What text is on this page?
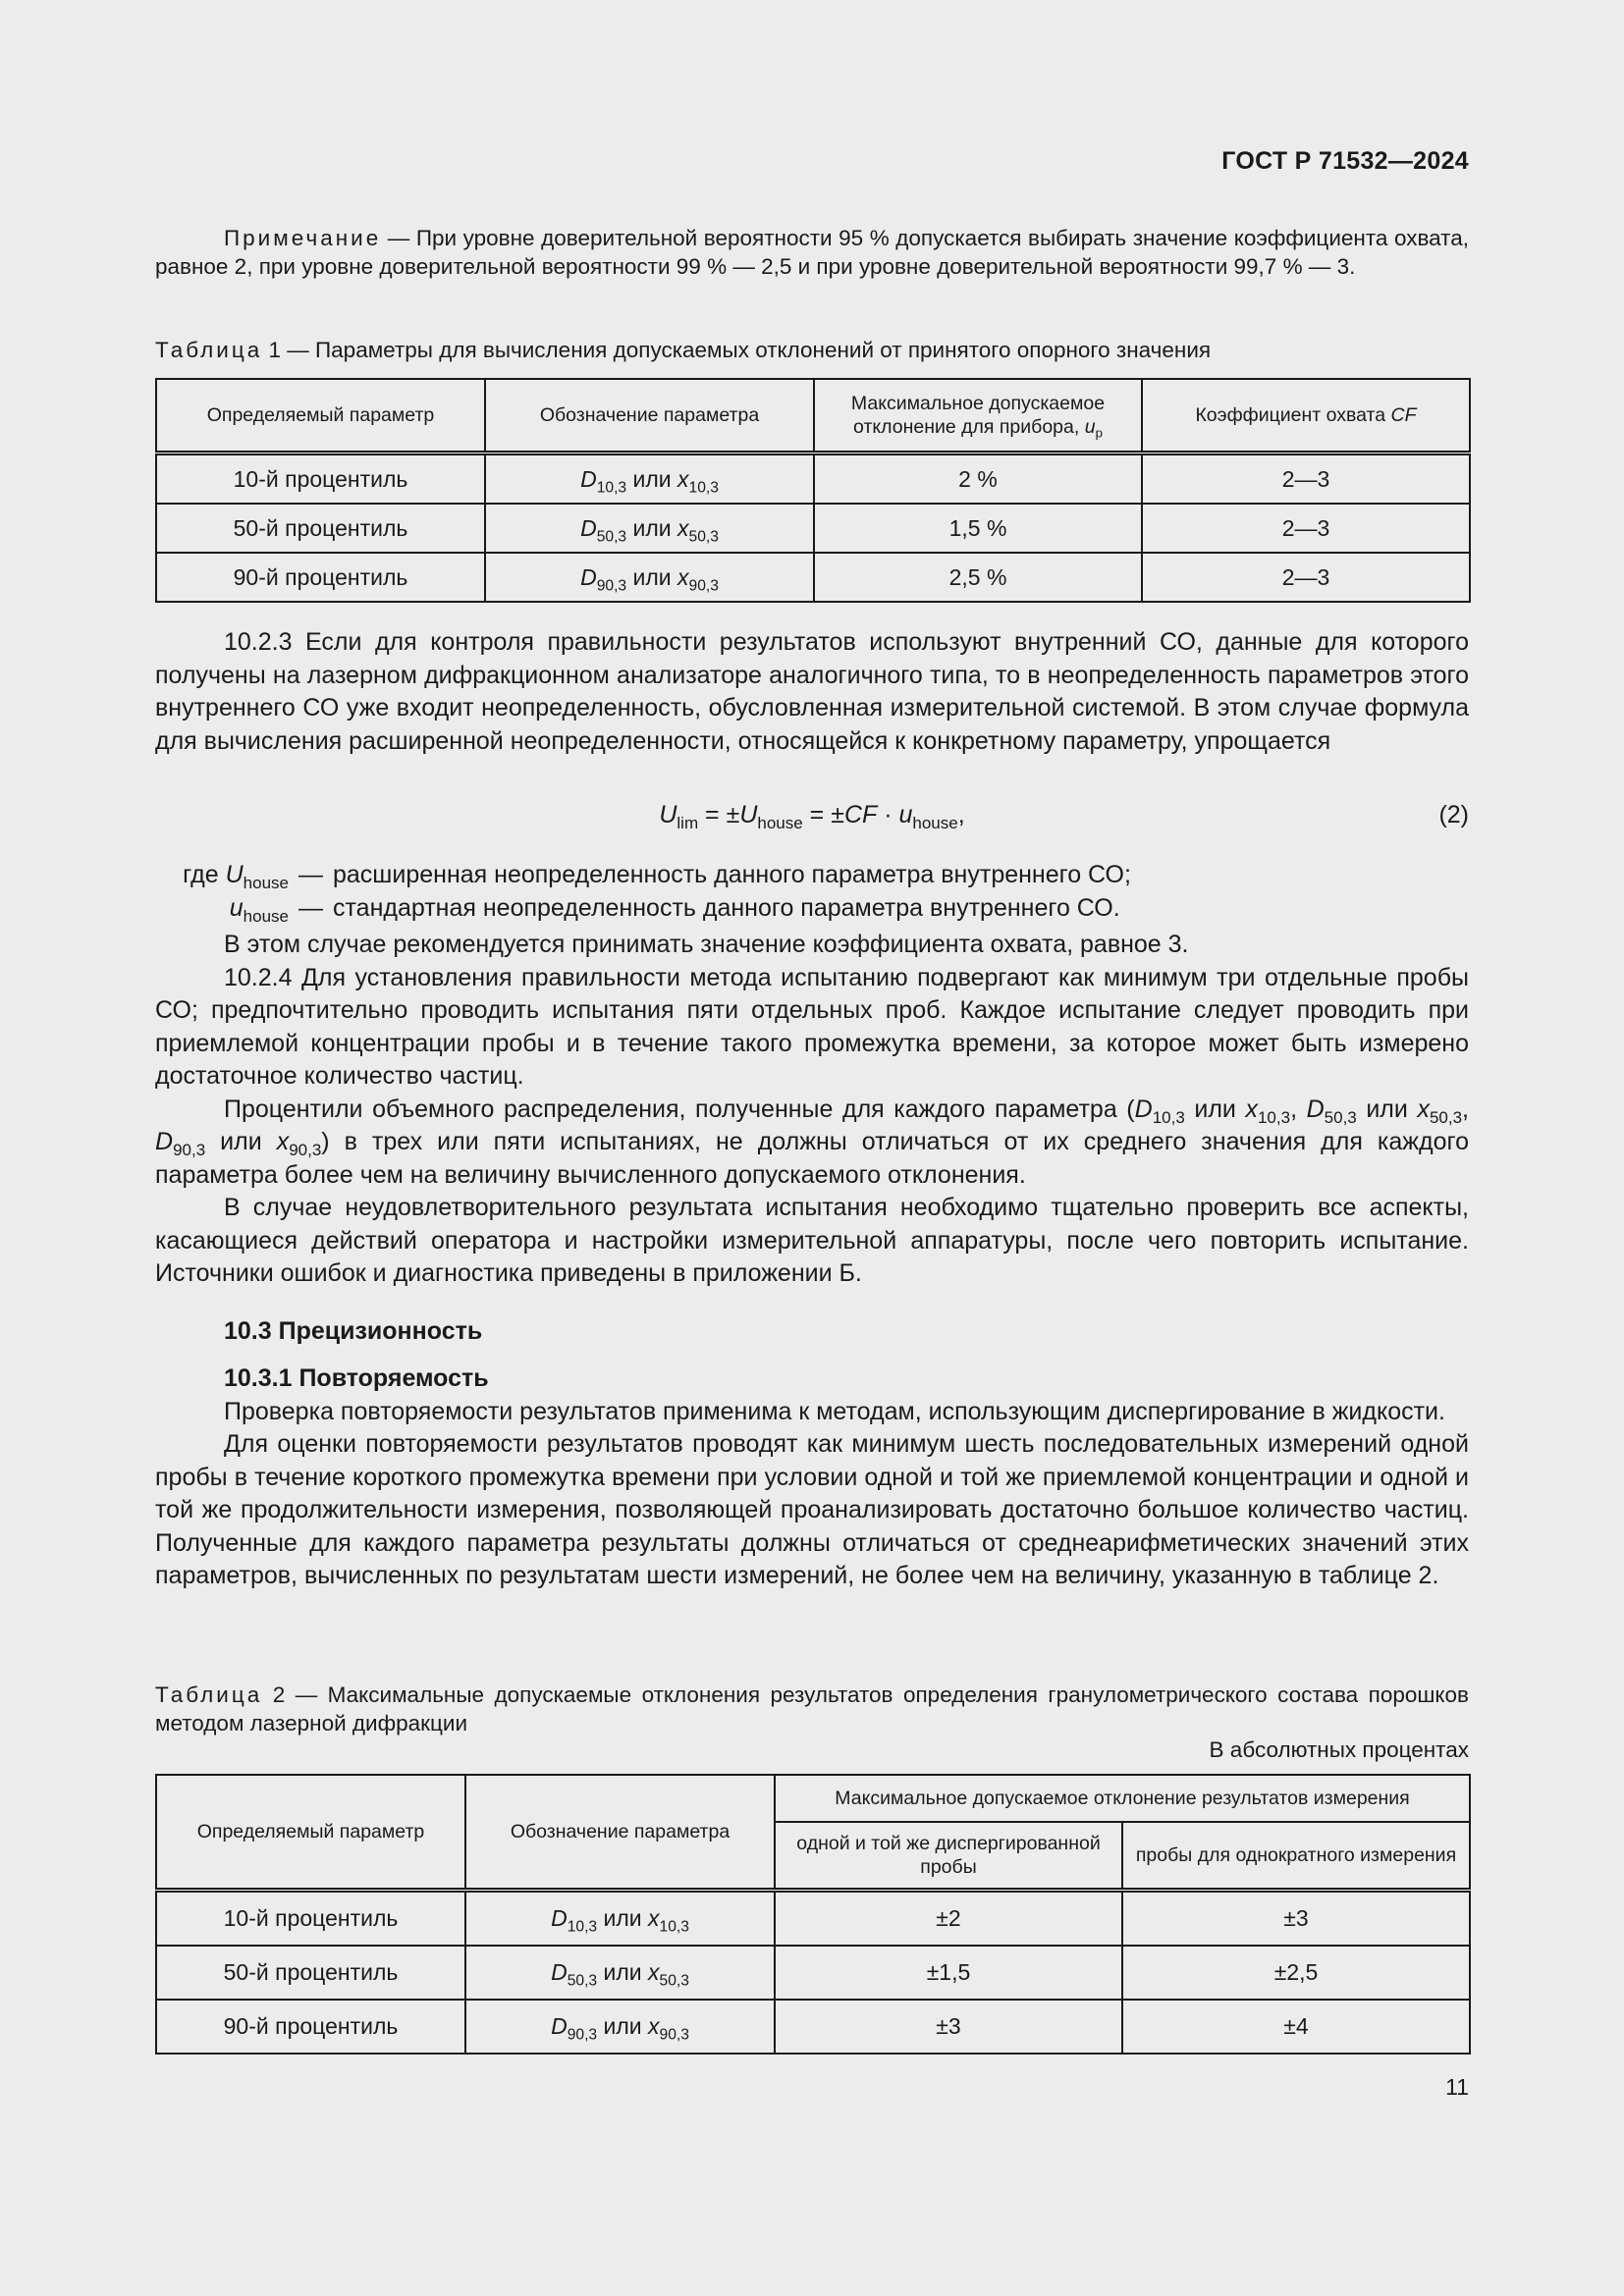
ГОСТ Р 71532—2024

Примечание — При уровне доверительной вероятности 95 % допускается выбирать значение коэффициента охвата, равное 2, при уровне доверительной вероятности 99 % — 2,5 и при уровне доверительной вероятности 99,7 % — 3.

Таблица 1 — Параметры для вычисления допускаемых отклонений от принятого опорного значения
Определяемый параметр	Обозначение параметра	Максимальное допускаемое отклонение для прибора, $u_p$	Коэффициент охвата CF
10-й процентиль	$D_{10,3}$ или $x_{10,3}$	2 %	2—3
50-й процентиль	$D_{50,3}$ или $x_{50,3}$	1,5 %	2—3
90-й процентиль	$D_{90,3}$ или $x_{90,3}$	2,5 %	2—3

10.2.3 Если для контроля правильности результатов используют внутренний СО, данные для которого получены на лазерном дифракционном анализаторе аналогичного типа, то в неопределенность параметров этого внутреннего СО уже входит неопределенность, обусловленная измерительной системой. В этом случае формула для вычисления расширенной неопределенности, относящейся к конкретному параметру, упрощается

$U_{lim} = \pm U_{house} = \pm CF \cdot u_{house}$,	(2)
где $U_{house}$ — расширенная неопределенность данного параметра внутреннего СО;
$u_{house}$ — стандартная неопределенность данного параметра внутреннего СО.

В этом случае рекомендуется принимать значение коэффициента охвата, равное 3.

10.2.4 Для установления правильности метода испытанию подвергают как минимум три отдельные пробы СО; предпочтительно проводить испытания пяти отдельных проб. Каждое испытание следует проводить при приемлемой концентрации пробы и в течение такого промежутка времени, за которое может быть измерено достаточное количество частиц.

Процентили объемного распределения, полученные для каждого параметра ($D_{10,3}$ или $x_{10,3}$, $D_{50,3}$ или $x_{50,3}$, $D_{90,3}$ или $x_{90,3}$) в трех или пяти испытаниях, не должны отличаться от их среднего значения для каждого параметра более чем на величину вычисленного допускаемого отклонения.

В случае неудовлетворительного результата испытания необходимо тщательно проверить все аспекты, касающиеся действий оператора и настройки измерительной аппаратуры, после чего повторить испытание. Источники ошибок и диагностика приведены в приложении Б.

10.3 Прецизионность
10.3.1 Повторяемость

Проверка повторяемости результатов применима к методам, использующим диспергирование в жидкости.

Для оценки повторяемости результатов проводят как минимум шесть последовательных измерений одной пробы в течение короткого промежутка времени при условии одной и той же приемлемой концентрации и одной и той же продолжительности измерения, позволяющей проанализировать достаточно большое количество частиц. Полученные для каждого параметра результаты должны отличаться от среднеарифметических значений этих параметров, вычисленных по результатам шести измерений, не более чем на величину, указанную в таблице 2.

Таблица 2 — Максимальные допускаемые отклонения результатов определения гранулометрического состава порошков методом лазерной дифракции
В абсолютных процентах
Определяемый параметр	Обозначение параметра	Максимальное допускаемое отклонение результатов измерения	
		одной и той же диспергированной пробы	пробы для однократного измерения
10-й процентиль	$D_{10,3}$ или $x_{10,3}$	±2	±3
50-й процентиль	$D_{50,3}$ или $x_{50,3}$	±1,5	±2,5
90-й процентиль	$D_{90,3}$ или $x_{90,3}$	±3	±4
11
